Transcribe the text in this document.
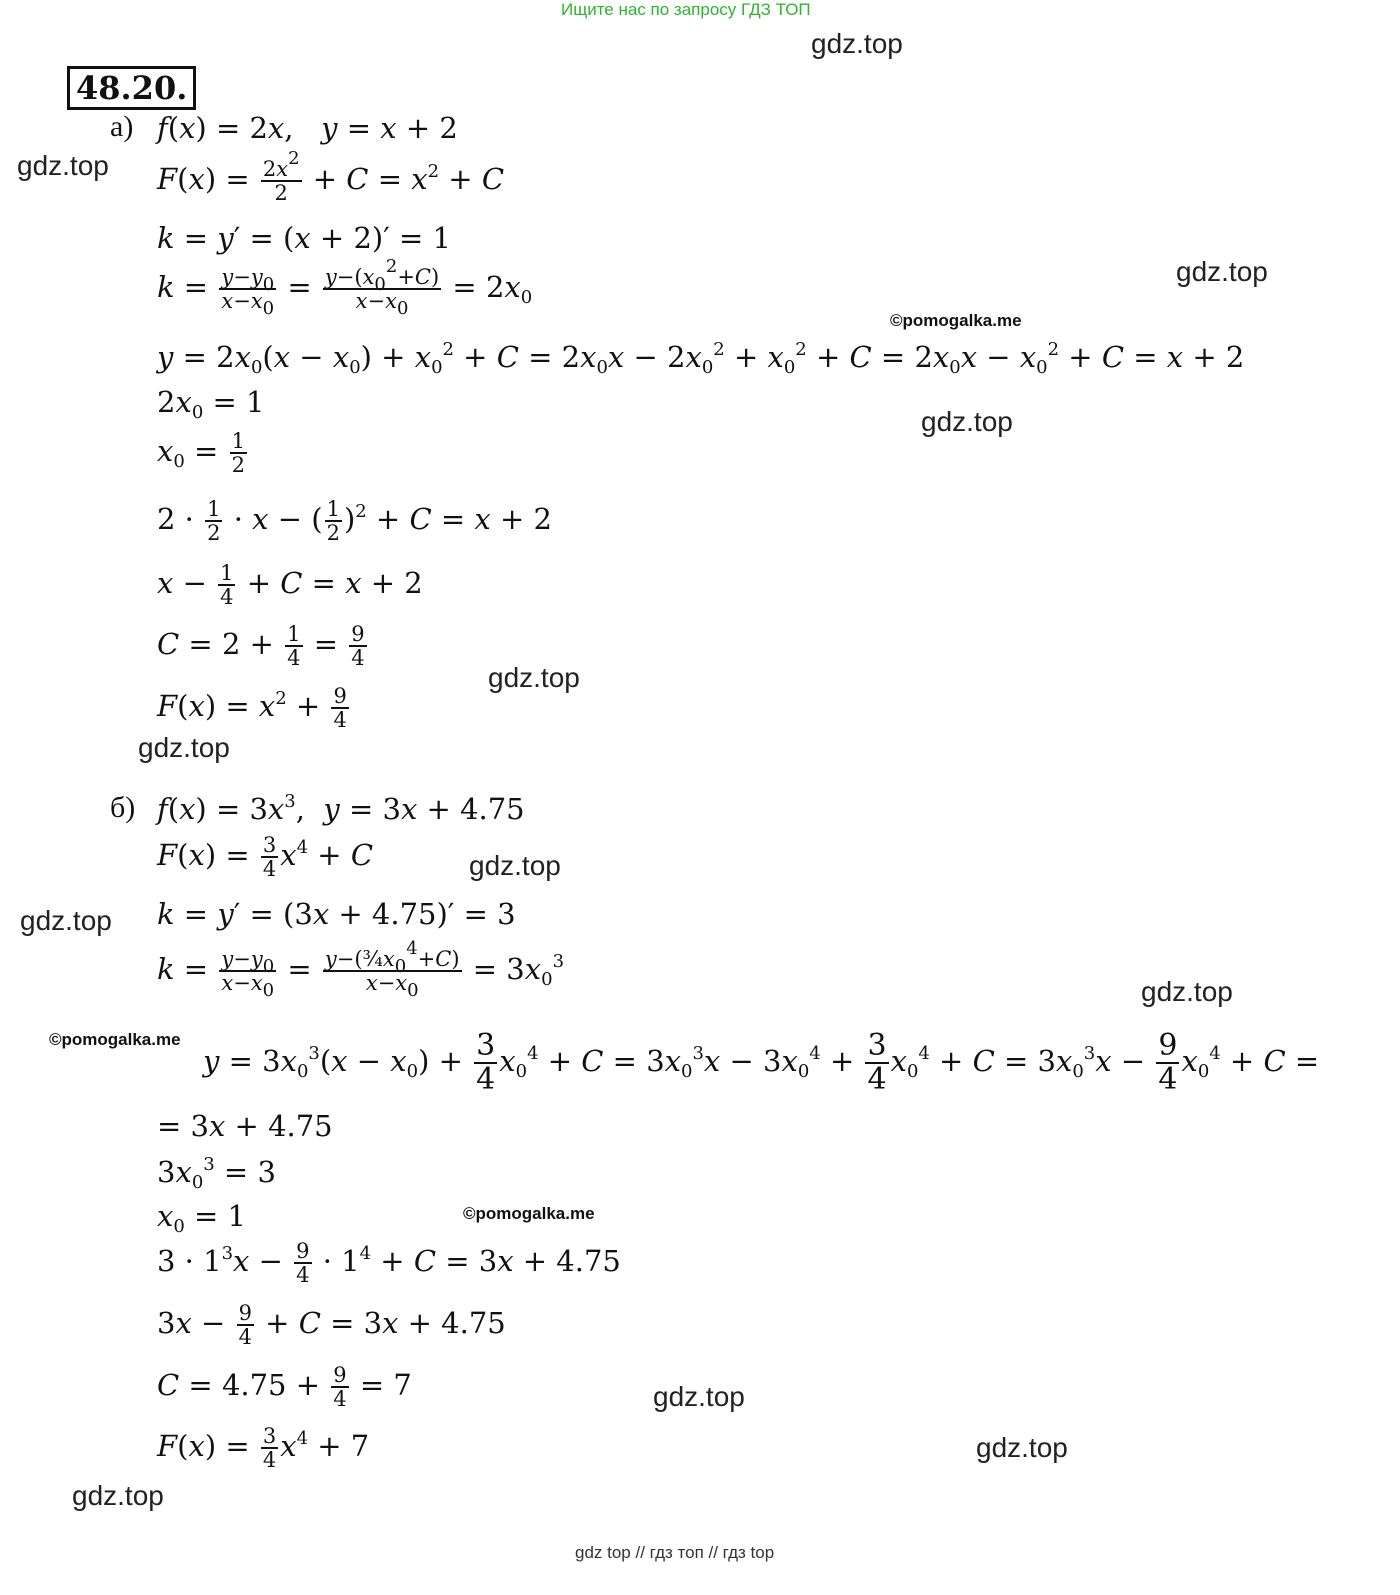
Ищите нас по запросу ГДЗ ТОП
48.20.
gdz.top
gdz.top
gdz.top
©pomogalka.me
gdz.top
gdz.top
gdz.top
gdz.top
gdz.top
gdz.top
©pomogalka.me
©pomogalka.me
gdz.top
gdz.top
gdz.top
а) f(x) = 2x,   y = x + 2
$F(x) = \frac{2x^2}{2} + C = x^2 + C$
k = y′ = (x + 2)′ = 1
$k = \frac{y-y_0}{x-x_0} = \frac{y-(x_0^2+C)}{x-x_0} = 2x_0$
$y = 2x_0(x - x_0) + x_0^2 + C = 2x_0x - 2x_0^2 + x_0^2 + C = 2x_0x - x_0^2 + C = x + 2$
$2x_0 = 1$
$x_0 = \frac{1}{2}$
$2 \cdot \frac{1}{2} \cdot x$ − ( $\frac{1}{2} )^2 + C = x + 2$
$x - \frac{1}{4} + C = x + 2$
$C = 2 + \frac{1}{4} = \frac{9}{4}$
$F(x) = x^2 + \frac{9}{4}$
б) $f(x) = 3x^3$,  y = 3x + 4.75
$F(x) = \frac{3}{4} x^4 + C$
k = y′ = (3x + 4.75)′ = 3
$k = \frac{y-y_0}{x-x_0} = \frac{y-(\frac{3}{4}x_0^4+C)}{x-x_0} = 3x_0^3$
$y = 3x_0^3(x - x_0) + \frac{3}{4} x_0^4 + C = 3x_0^3x - 3x_0^4 + \frac{3}{4} x_0^4 + C = 3x_0^3x - \frac{9}{4} x_0^4 + C$ =
= 3x + 4.75
$3x_0^3 = 3$
$x_0 = 1$
$3 \cdot 1^3x - \frac{9}{4} \cdot 1^4 + C = 3x + 4.75$
$3x - \frac{9}{4} + C = 3x + 4.75$
$C = 4.75 + \frac{9}{4} = 7$
$F(x) = \frac{3}{4} x^4 + 7$
gdz top // гдз топ // гдз top
